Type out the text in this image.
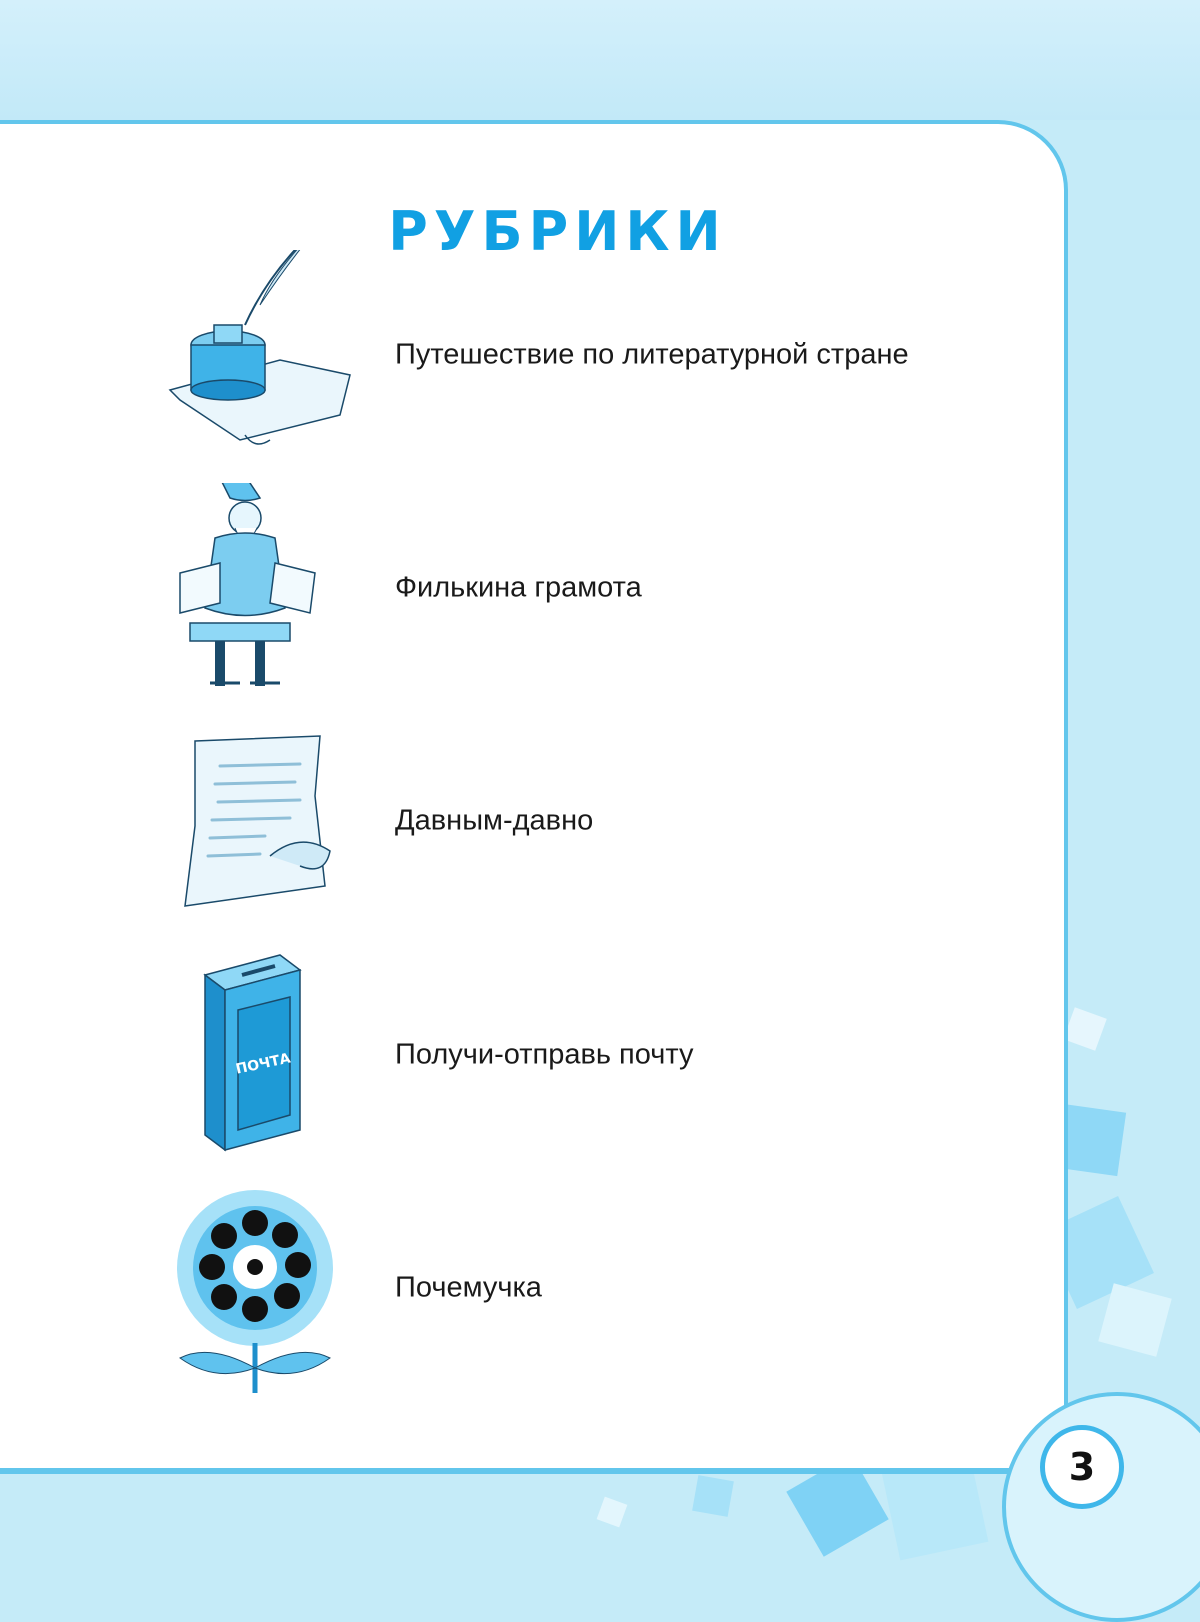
РУБРИКИ
Путешествие по литературной стране
Филькина грамота
Давным-давно
ПОЧТА	Получи-отправь почту
Почемучка
3
